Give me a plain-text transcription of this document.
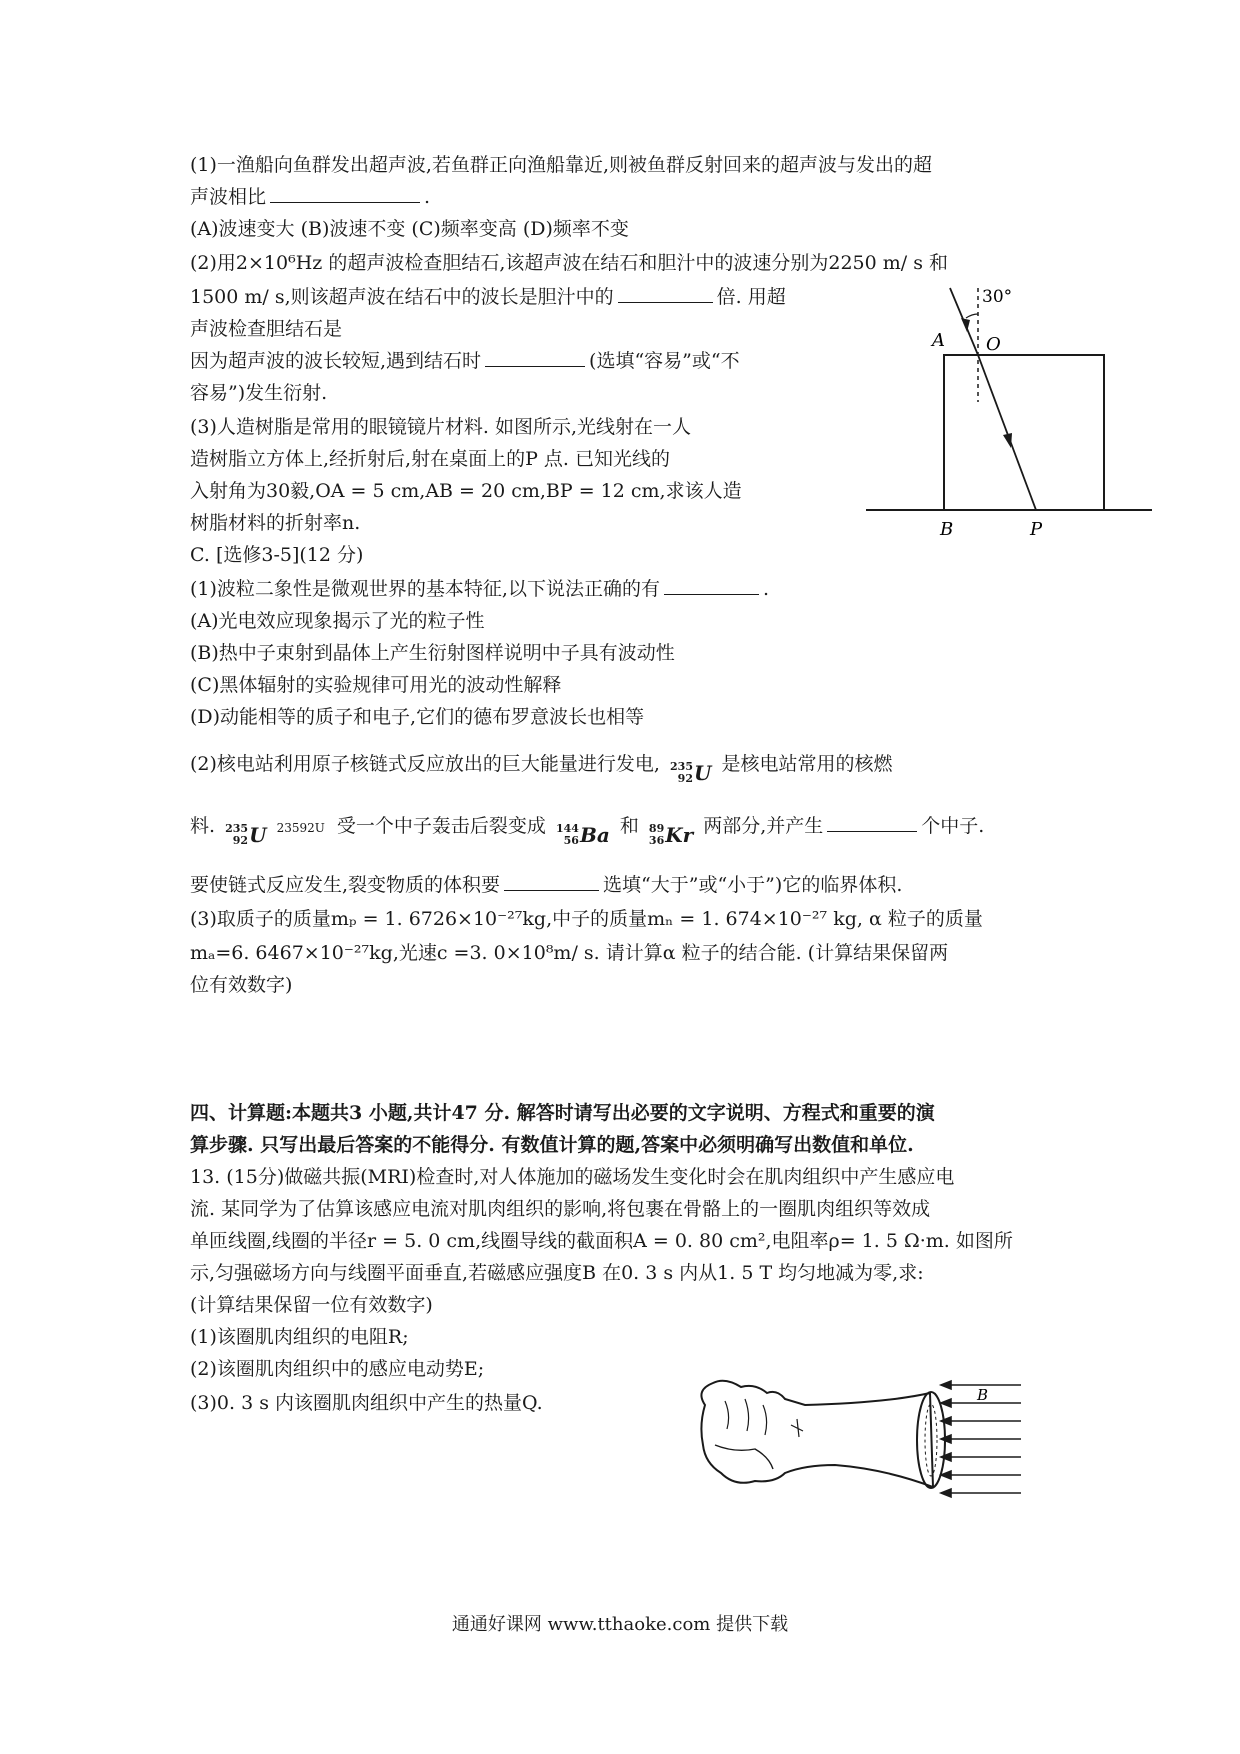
(1)一渔船向鱼群发出超声波,若鱼群正向渔船靠近,则被鱼群反射回来的超声波与发出的超
声波相比	.
(A)波速变大 (B)波速不变 (C)频率变高 (D)频率不变
(2)用2×10⁶Hz 的超声波检查胆结石,该超声波在结石和胆汁中的波速分别为2250 m/ s 和
1500 m/ s,则该超声波在结石中的波长是胆汁中的	倍. 用超
声波检查胆结石是
因为超声波的波长较短,遇到结石时	(选填“容易”或“不
容易”)发生衍射.
(3)人造树脂是常用的眼镜镜片材料. 如图所示,光线射在一人
造树脂立方体上,经折射后,射在桌面上的P 点. 已知光线的
入射角为30毅,OA = 5 cm,AB = 20 cm,BP = 12 cm,求该人造
树脂材料的折射率n.
30°
A O
B	P
C. [选修3-5](12 分)
(1)波粒二象性是微观世界的基本特征,以下说法正确的有	.
(A)光电效应现象揭示了光的粒子性
(B)热中子束射到晶体上产生衍射图样说明中子具有波动性
(C)黑体辐射的实验规律可用光的波动性解释
(D)动能相等的质子和电子,它们的德布罗意波长也相等
(2)核电站利用原子核链式反应放出的巨大能量进行发电, 235
92 U 是核电站常用的核燃
料. 235
92 U 23592U 受一个中子轰击后裂变成 144
56 Ba 和 89
36 Kr 两部分,并产生	个中子.
要使链式反应发生,裂变物质的体积要	选填“大于”或“小于”)它的临界体积.
(3)取质子的质量mₚ = 1. 6726×10⁻²⁷kg,中子的质量mₙ = 1. 674×10⁻²⁷ kg, α 粒子的质量
mₐ=6. 6467×10⁻²⁷kg,光速c =3. 0×10⁸m/ s. 请计算α 粒子的结合能. (计算结果保留两
位有效数字)
四、计算题:本题共3 小题,共计47 分. 解答时请写出必要的文字说明、方程式和重要的演
算步骤. 只写出最后答案的不能得分. 有数值计算的题,答案中必须明确写出数值和单位.
13. (15分)做磁共振(MRI)检查时,对人体施加的磁场发生变化时会在肌肉组织中产生感应电
流. 某同学为了估算该感应电流对肌肉组织的影响,将包裹在骨骼上的一圈肌肉组织等效成
单匝线圈,线圈的半径r = 5. 0 cm,线圈导线的截面积A = 0. 80 cm²,电阻率ρ= 1. 5 Ω·m. 如图所
示,匀强磁场方向与线圈平面垂直,若磁感应强度B 在0. 3 s 内从1. 5 T 均匀地减为零,求:
(计算结果保留一位有效数字)
(1)该圈肌肉组织的电阻R;
(2)该圈肌肉组织中的感应电动势E;
(3)0. 3 s 内该圈肌肉组织中产生的热量Q.	B
通通好课网 www.tthaoke.com 提供下载
